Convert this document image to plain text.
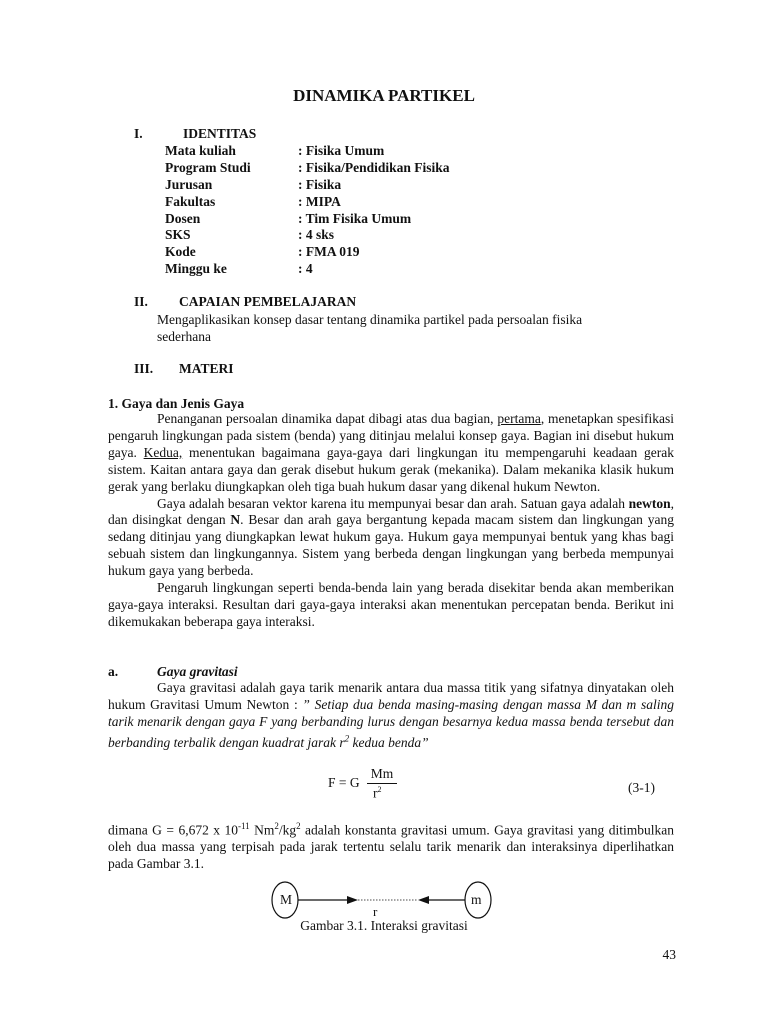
DINAMIKA PARTIKEL
I.	IDENTITAS
Mata kuliah	: Fisika Umum
Program Studi	: Fisika/Pendidikan Fisika
Jurusan	: Fisika
Fakultas	: MIPA
Dosen	: Tim Fisika Umum
SKS	: 4 sks
Kode	: FMA 019
Minggu ke	: 4
II. CAPAIAN PEMBELAJARAN
Mengaplikasikan konsep dasar tentang dinamika partikel pada persoalan fisika
sederhana
III. MATERI
1. Gaya dan Jenis Gaya

Penanganan persoalan dinamika dapat dibagi atas dua bagian, pertama, menetapkan spesifikasi pengaruh lingkungan pada sistem (benda) yang ditinjau melalui konsep gaya. Bagian ini disebut hukum gaya. Kedua, menentukan bagaimana gaya-gaya dari lingkungan itu mempengaruhi keadaan gerak sistem. Kaitan antara gaya dan gerak disebut hukum gerak (mekanika). Dalam mekanika klasik hukum gerak yang berlaku diungkapkan oleh tiga buah hukum dasar yang dikenal hukum Newton.

Gaya adalah besaran vektor karena itu mempunyai besar dan arah. Satuan gaya adalah newton, dan disingkat dengan N. Besar dan arah gaya bergantung kepada macam sistem dan lingkungan yang sedang ditinjau yang diungkapkan lewat hukum gaya. Hukum gaya mempunyai bentuk yang khas bagi sebuah sistem dan lingkungannya. Sistem yang berbeda dengan lingkungan yang berbeda mempunyai hukum gaya yang berbeda.

Pengaruh lingkungan seperti benda-benda lain yang berada disekitar benda akan memberikan gaya-gaya interaksi. Resultan dari gaya-gaya interaksi akan menentukan percepatan benda. Berikut ini dikemukakan beberapa gaya interaksi.

a.	Gaya gravitasi

Gaya gravitasi adalah gaya tarik menarik antara dua massa titik yang sifatnya dinyatakan oleh hukum Gravitasi Umum Newton : ” Setiap dua benda masing-masing dengan massa M dan m saling tarik menarik dengan gaya F yang berbanding lurus dengan besarnya kedua massa benda tersebut dan berbanding terbalik dengan kuadrat jarak $r^2$ kedua benda”

F = G
Mm
$r^2$	(3-1)

dimana G = 6,672 x $10^{-11}$ $Nm^2/kg^2$ adalah konstanta gravitasi umum. Gaya gravitasi yang ditimbulkan oleh dua massa yang terpisah pada jarak tertentu selalu tarik menarik dan interaksinya diperlihatkan pada Gambar 3.1.

M	m
r
Gambar 3.1. Interaksi gravitasi
43
